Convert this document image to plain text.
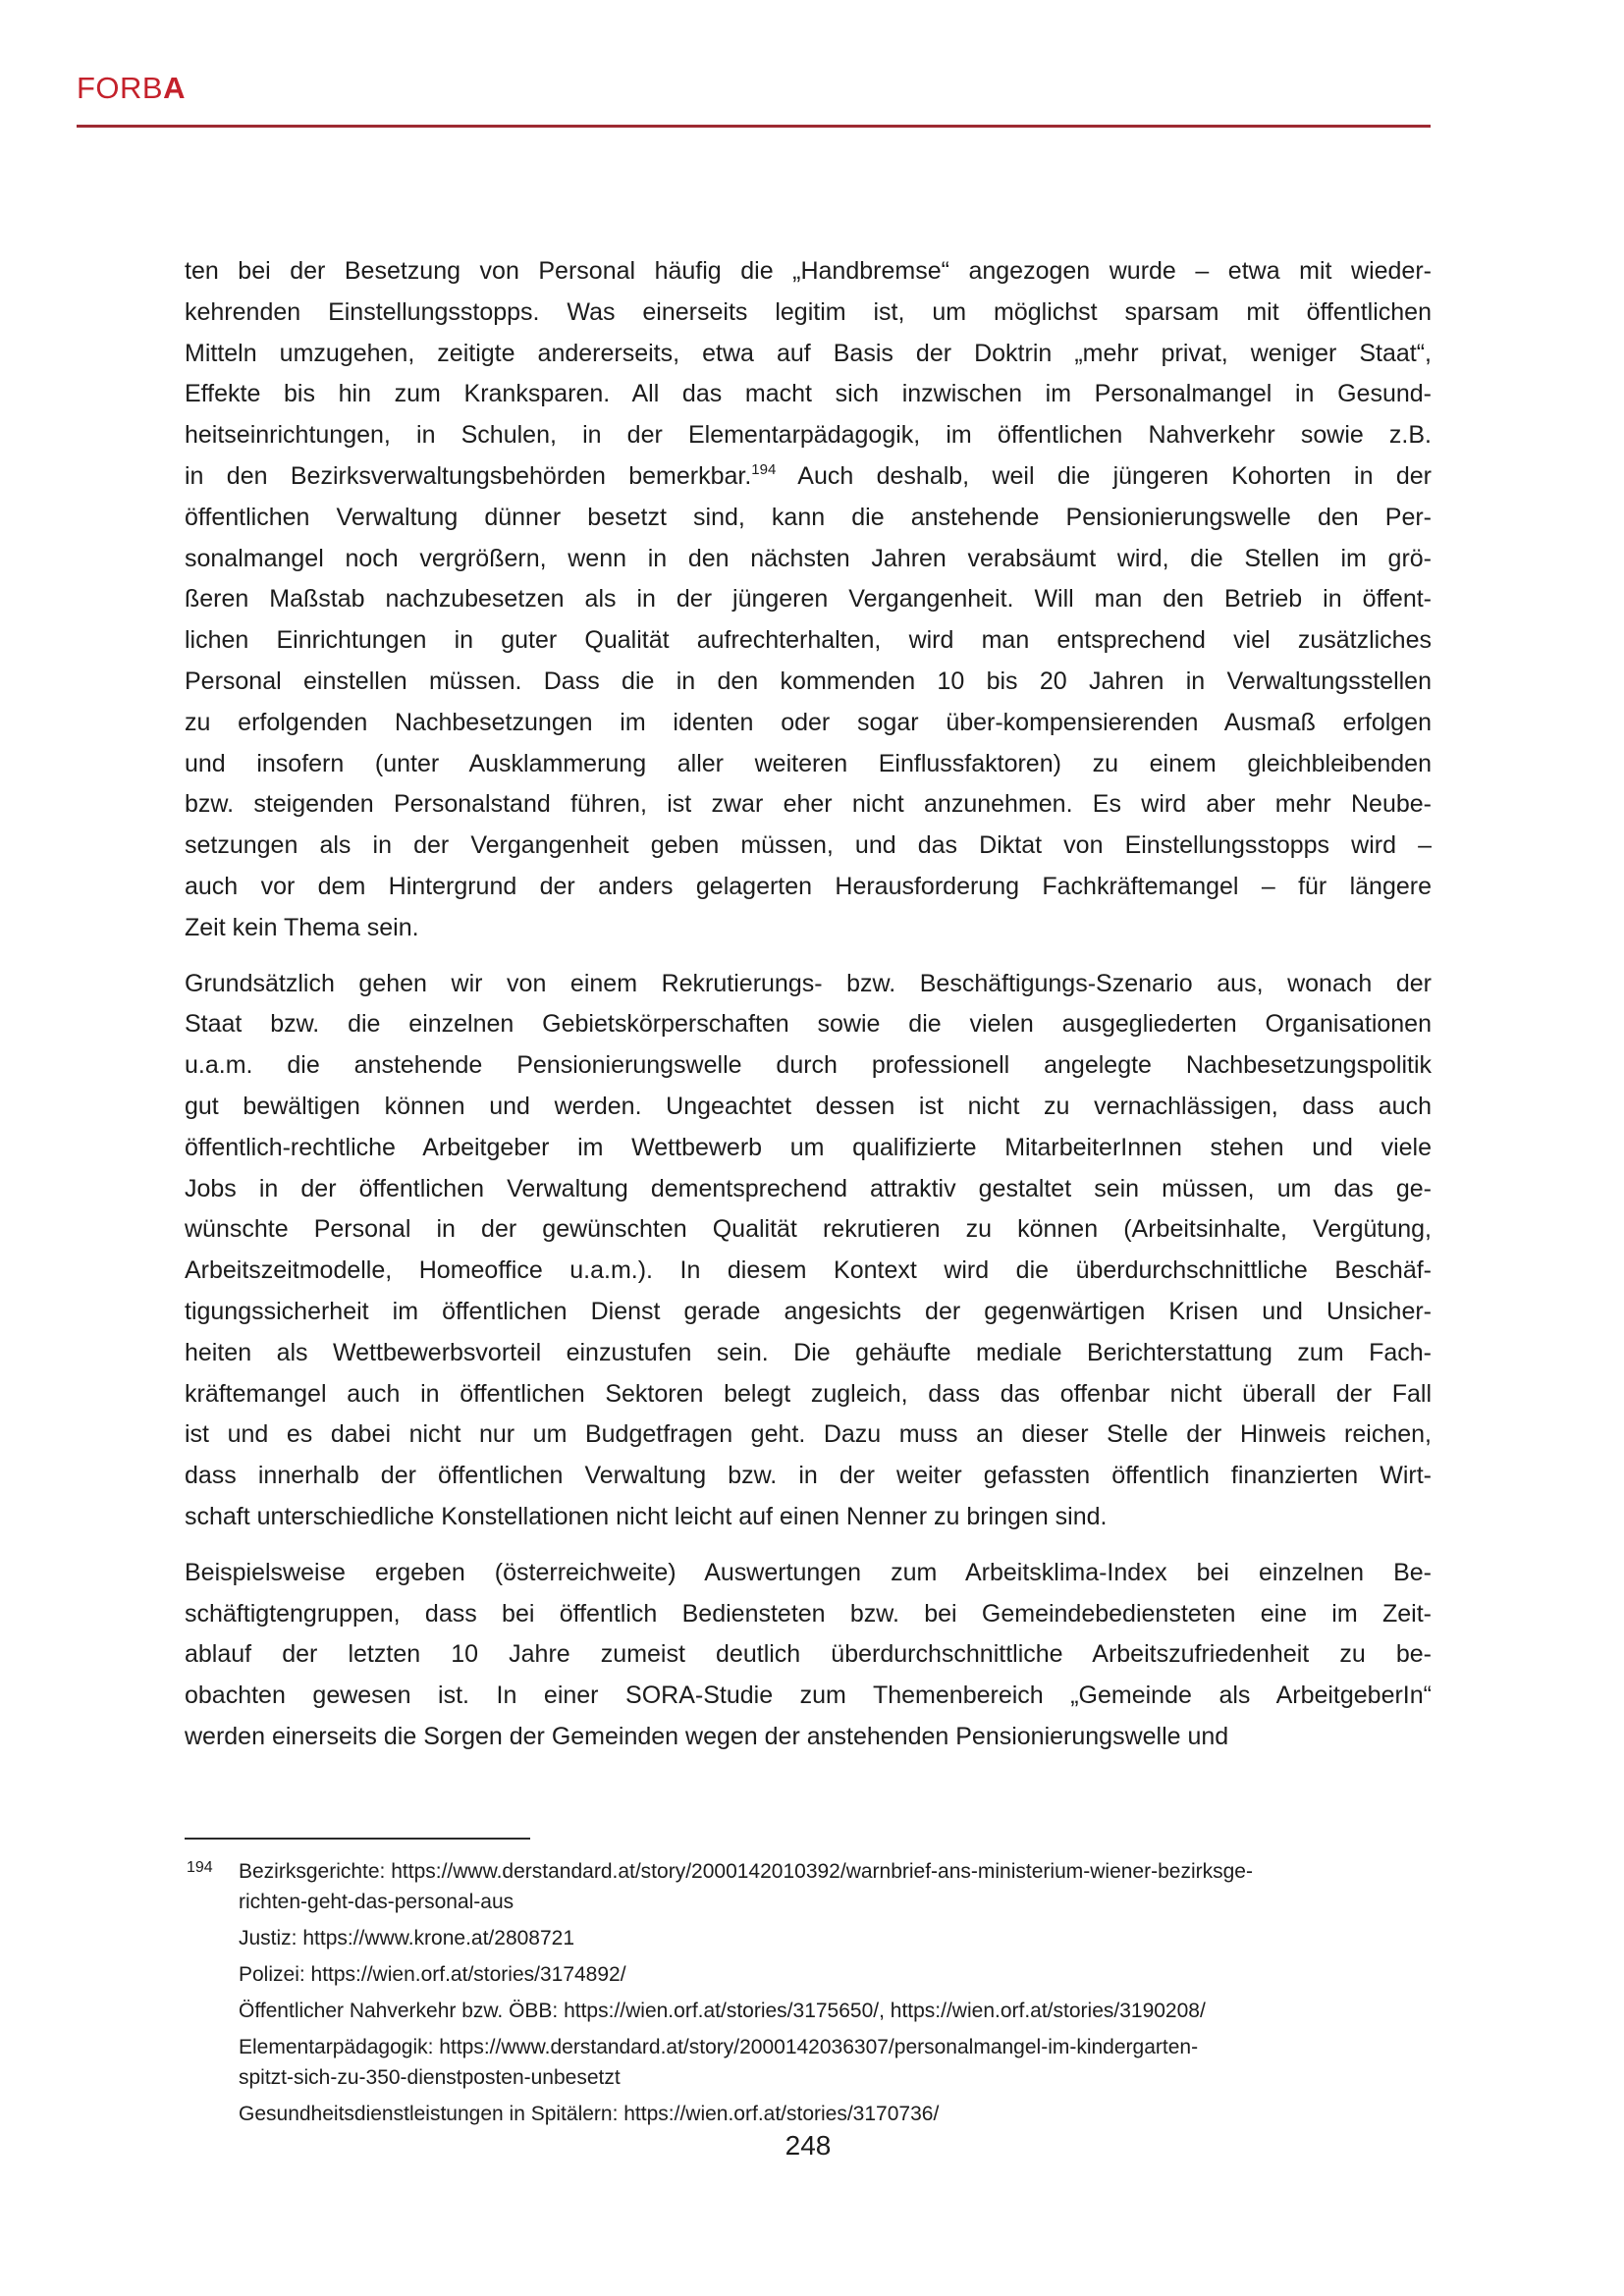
FORBA
ten bei der Besetzung von Personal häufig die „Handbremse“ angezogen wurde – etwa mit wieder-
kehrenden Einstellungsstopps. Was einerseits legitim ist, um möglichst sparsam mit öffentlichen
Mitteln umzugehen, zeitigte andererseits, etwa auf Basis der Doktrin „mehr privat, weniger Staat“,
Effekte bis hin zum Kranksparen. All das macht sich inzwischen im Personalmangel in Gesund-
heitseinrichtungen, in Schulen, in der Elementarpädagogik, im öffentlichen Nahverkehr sowie z.B.
in den Bezirksverwaltungsbehörden bemerkbar.$^{194}$ Auch deshalb, weil die jüngeren Kohorten in der
öffentlichen Verwaltung dünner besetzt sind, kann die anstehende Pensionierungswelle den Per-
sonalmangel noch vergrößern, wenn in den nächsten Jahren verabsäumt wird, die Stellen im grö-
ßeren Maßstab nachzubesetzen als in der jüngeren Vergangenheit. Will man den Betrieb in öffent-
lichen Einrichtungen in guter Qualität aufrechterhalten, wird man entsprechend viel zusätzliches
Personal einstellen müssen. Dass die in den kommenden 10 bis 20 Jahren in Verwaltungsstellen
zu erfolgenden Nachbesetzungen im identen oder sogar über-kompensierenden Ausmaß erfolgen
und insofern (unter Ausklammerung aller weiteren Einflussfaktoren) zu einem gleichbleibenden
bzw. steigenden Personalstand führen, ist zwar eher nicht anzunehmen. Es wird aber mehr Neube-
setzungen als in der Vergangenheit geben müssen, und das Diktat von Einstellungsstopps wird –
auch vor dem Hintergrund der anders gelagerten Herausforderung Fachkräftemangel – für längere
Zeit kein Thema sein.
Grundsätzlich gehen wir von einem Rekrutierungs- bzw. Beschäftigungs-Szenario aus, wonach der
Staat bzw. die einzelnen Gebietskörperschaften sowie die vielen ausgegliederten Organisationen
u.a.m. die anstehende Pensionierungswelle durch professionell angelegte Nachbesetzungspolitik
gut bewältigen können und werden. Ungeachtet dessen ist nicht zu vernachlässigen, dass auch
öffentlich-rechtliche Arbeitgeber im Wettbewerb um qualifizierte MitarbeiterInnen stehen und viele
Jobs in der öffentlichen Verwaltung dementsprechend attraktiv gestaltet sein müssen, um das ge-
wünschte Personal in der gewünschten Qualität rekrutieren zu können (Arbeitsinhalte, Vergütung,
Arbeitszeitmodelle, Homeoffice u.a.m.). In diesem Kontext wird die überdurchschnittliche Beschäf-
tigungssicherheit im öffentlichen Dienst gerade angesichts der gegenwärtigen Krisen und Unsicher-
heiten als Wettbewerbsvorteil einzustufen sein. Die gehäufte mediale Berichterstattung zum Fach-
kräftemangel auch in öffentlichen Sektoren belegt zugleich, dass das offenbar nicht überall der Fall
ist und es dabei nicht nur um Budgetfragen geht. Dazu muss an dieser Stelle der Hinweis reichen,
dass innerhalb der öffentlichen Verwaltung bzw. in der weiter gefassten öffentlich finanzierten Wirt-
schaft unterschiedliche Konstellationen nicht leicht auf einen Nenner zu bringen sind.
Beispielsweise ergeben (österreichweite) Auswertungen zum Arbeitsklima-Index bei einzelnen Be-
schäftigtengruppen, dass bei öffentlich Bediensteten bzw. bei Gemeindebediensteten eine im Zeit-
ablauf der letzten 10 Jahre zumeist deutlich überdurchschnittliche Arbeitszufriedenheit zu be-
obachten gewesen ist. In einer SORA-Studie zum Themenbereich „Gemeinde als ArbeitgeberIn“
werden einerseits die Sorgen der Gemeinden wegen der anstehenden Pensionierungswelle und
194 Bezirksgerichte: https://www.derstandard.at/story/2000142010392/warnbrief-ans-ministerium-wiener-bezirksge-
richten-geht-das-personal-aus
Justiz: https://www.krone.at/2808721
Polizei: https://wien.orf.at/stories/3174892/
Öffentlicher Nahverkehr bzw. ÖBB: https://wien.orf.at/stories/3175650/, https://wien.orf.at/stories/3190208/
Elementarpädagogik: https://www.derstandard.at/story/2000142036307/personalmangel-im-kindergarten-
spitzt-sich-zu-350-dienstposten-unbesetzt
Gesundheitsdienstleistungen in Spitälern: https://wien.orf.at/stories/3170736/
248
